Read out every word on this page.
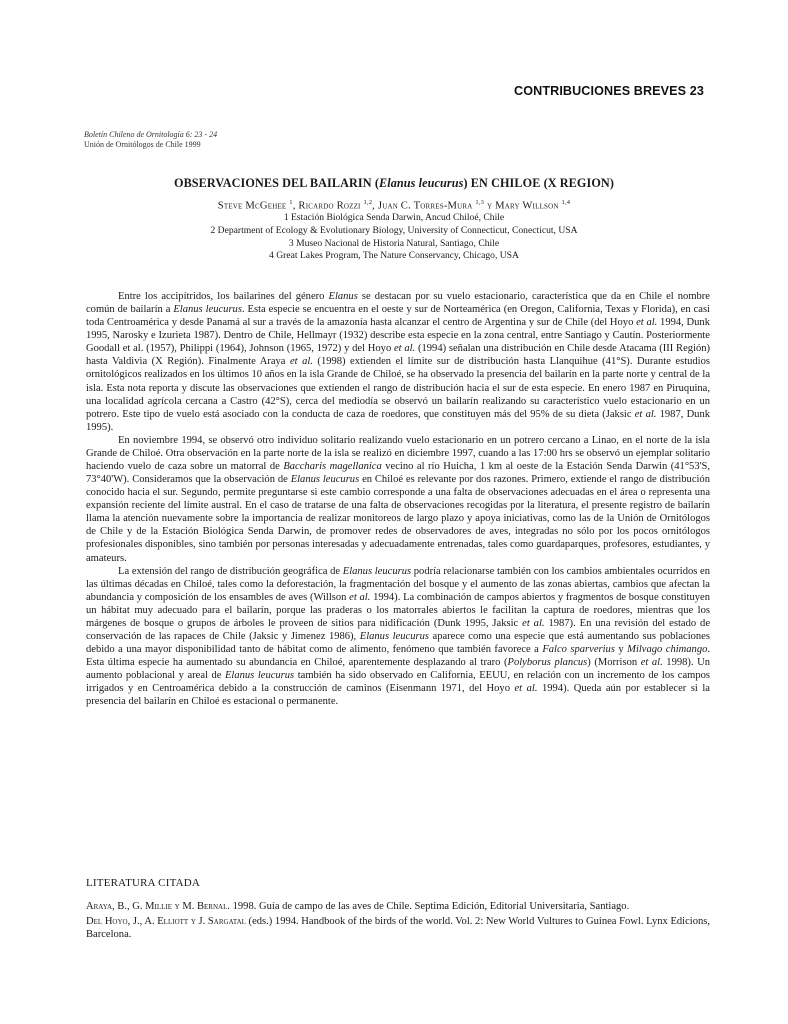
CONTRIBUCIONES BREVES 23
Boletín Chileno de Ornitología 6: 23 - 24
Unión de Ornitólogos de Chile 1999
OBSERVACIONES DEL BAILARIN (Elanus leucurus) EN CHILOE (X REGION)
Steve McGehee $^1$, Ricardo Rozzi $^{1,2}$, Juan C. Torres-Mura $^{1,3}$ y Mary Willson $^{1,4}$
1 Estación Biológica Senda Darwin, Ancud Chiloé, Chile
2 Department of Ecology & Evolutionary Biology, University of Connecticut, Conecticut, USA
3 Museo Nacional de Historia Natural, Santiago, Chile
4 Great Lakes Program, The Nature Conservancy, Chicago, USA

Entre los accipítridos, los bailarines del género Elanus se destacan por su vuelo estacionario, característica que da en Chile el nombre común de bailarín a Elanus leucurus. Esta especie se encuentra en el oeste y sur de Norteamérica (en Oregon, California, Texas y Florida), en casi toda Centroamérica y desde Panamá al sur a través de la amazonía hasta alcanzar el centro de Argentina y sur de Chile (del Hoyo et al. 1994, Dunk 1995, Narosky e Izurieta 1987). Dentro de Chile, Hellmayr (1932) describe esta especie en la zona central, entre Santiago y Cautín. Posteriormente Goodall et al. (1957), Philippi (1964), Johnson (1965, 1972) y del Hoyo et al. (1994) señalan una distribución en Chile desde Atacama (III Región) hasta Valdivia (X Región). Finalmente Araya et al. (1998) extienden el límite sur de distribución hasta Llanquihue (41°S). Durante estudios ornitológicos realizados en los últimos 10 años en la isla Grande de Chiloé, se ha observado la presencia del bailarín en la parte norte y central de la isla. Esta nota reporta y discute las observaciones que extienden el rango de distribución hacia el sur de esta especie. En enero 1987 en Piruquina, una localidad agrícola cercana a Castro (42°S), cerca del mediodía se observó un bailarín realizando su característico vuelo estacionario en un potrero. Este tipo de vuelo está asociado con la conducta de caza de roedores, que constituyen más del 95% de su dieta (Jaksic et al. 1987, Dunk 1995).

En noviembre 1994, se observó otro individuo solitario realizando vuelo estacionario en un potrero cercano a Linao, en el norte de la isla Grande de Chiloé. Otra observación en la parte norte de la isla se realizó en diciembre 1997, cuando a las 17:00 hrs se observó un ejemplar solitario haciendo vuelo de caza sobre un matorral de Baccharis magellanica vecino al río Huicha, 1 km al oeste de la Estación Senda Darwin (41°53'S, 73°40'W). Consideramos que la observación de Elanus leucurus en Chiloé es relevante por dos razones. Primero, extiende el rango de distribución conocido hacia el sur. Segundo, permite preguntarse si este cambio corresponde a una falta de observaciones adecuadas en el área o representa una expansión reciente del límite austral. En el caso de tratarse de una falta de observaciones recogidas por la literatura, el presente registro de bailarín llama la atención nuevamente sobre la importancia de realizar monitoreos de largo plazo y apoya iniciativas, como las de la Unión de Ornitólogos de Chile y de la Estación Biológica Senda Darwin, de promover redes de observadores de aves, integradas no sólo por los pocos ornitólogos profesionales disponibles, sino también por personas interesadas y adecuadamente entrenadas, tales como guardaparques, profesores, estudiantes, y amateurs.

La extensión del rango de distribución geográfica de Elanus leucurus podría relacionarse también con los cambios ambientales ocurridos en las últimas décadas en Chiloé, tales como la deforestación, la fragmentación del bosque y el aumento de las zonas abiertas, cambios que afectan la abundancia y composición de los ensambles de aves (Willson et al. 1994). La combinación de campos abiertos y fragmentos de bosque constituyen un hábitat muy adecuado para el bailarín, porque las praderas o los matorrales abiertos le facilitan la captura de roedores, mientras que los márgenes de bosque o grupos de árboles le proveen de sitios para nidificación (Dunk 1995, Jaksic et al. 1987). En una revisión del estado de conservación de las rapaces de Chile (Jaksic y Jimenez 1986), Elanus leucurus aparece como una especie que está aumentando sus poblaciones debido a una mayor disponibilidad tanto de hábitat como de alimento, fenómeno que también favorece a Falco sparverius y Milvago chimango. Esta última especie ha aumentado su abundancia en Chiloé, aparentemente desplazando al traro (Polyborus plancus) (Morrison et al. 1998). Un aumento poblacional y areal de Elanus leucurus también ha sido observado en California, EEUU, en relación con un incremento de los campos irrigados y en Centroamérica debido a la construcción de caminos (Eisenmann 1971, del Hoyo et al. 1994). Queda aún por establecer si la presencia del bailarín en Chiloé es estacional o permanente.

LITERATURA CITADA
Araya, B., G. Millie y M. Bernal. 1998. Guía de campo de las aves de Chile. Septima Edición, Editorial Universitaria, Santiago.
Del Hoyo, J., A. Elliott y J. Sargatal (eds.) 1994. Handbook of the birds of the world. Vol. 2: New World Vultures to Guinea Fowl. Lynx Edicions, Barcelona.
